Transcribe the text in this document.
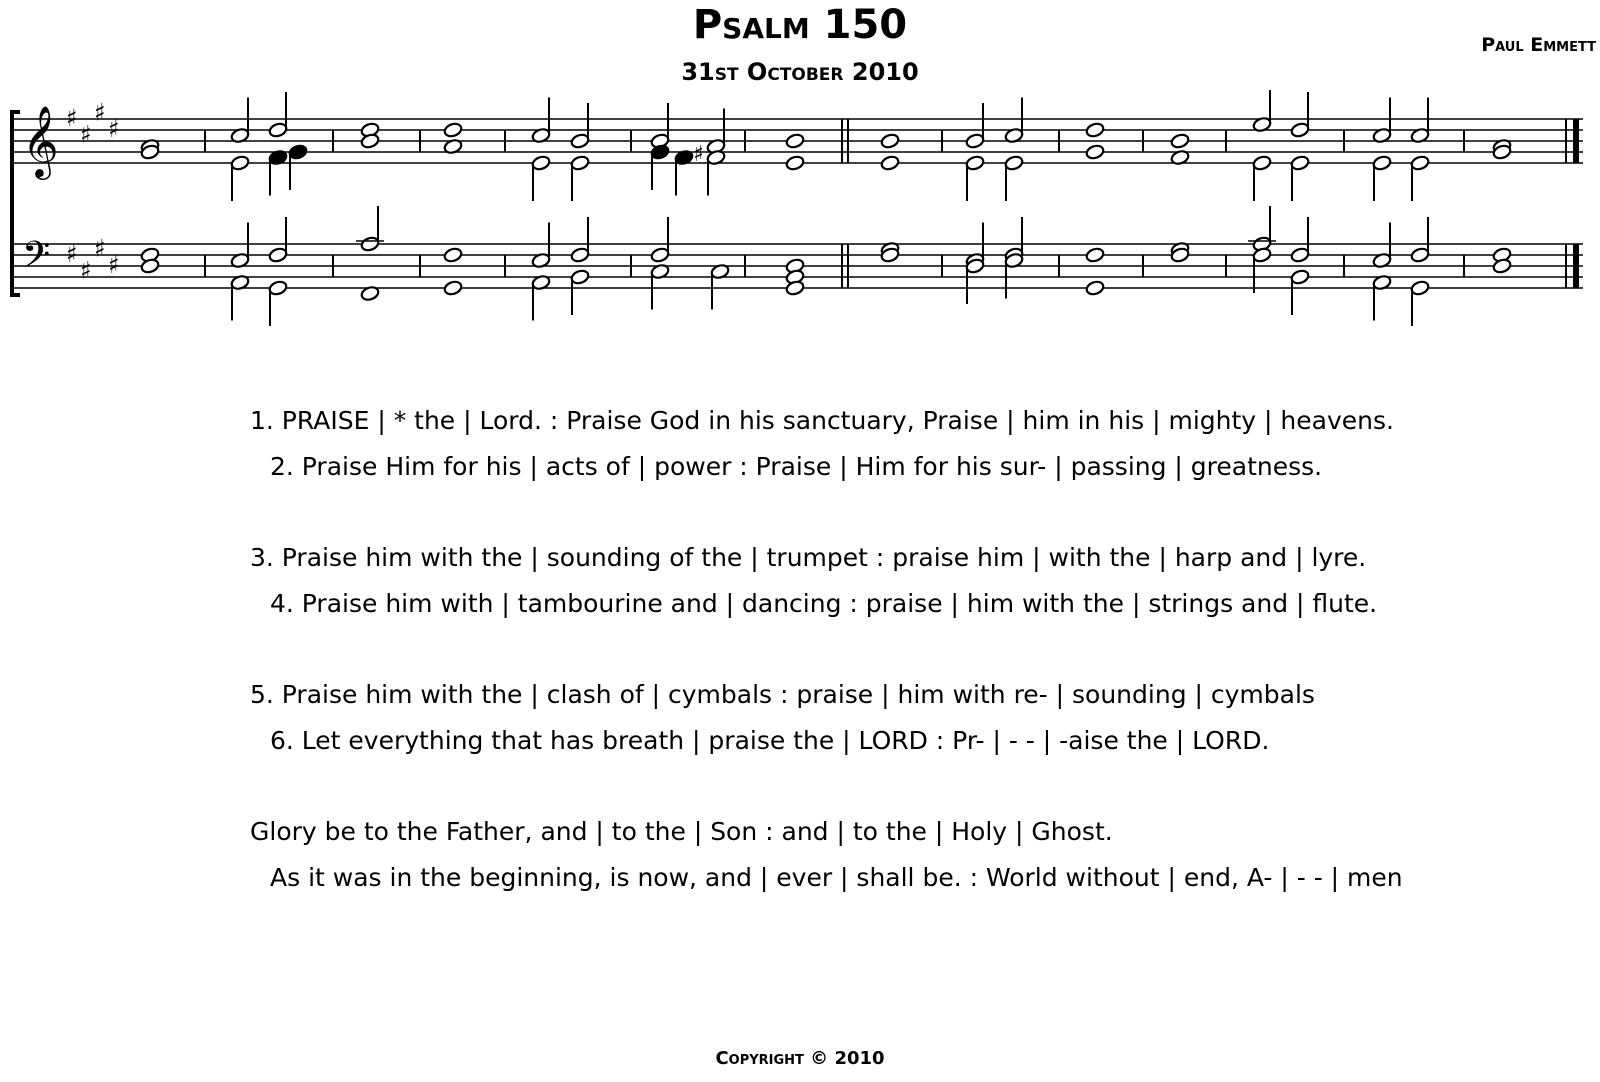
Psalm 150
31st October 2010
Paul Emmett
𝄞
𝄢
♯
♯
♯
♯
♯
♯
♯
♯
♯
1. PRAISE | * the | Lord. : Praise God in his sanctuary, Praise | him in his | mighty | heavens.
2. Praise Him for his | acts of | power : Praise | Him for his sur- | passing | greatness.
3. Praise him with the | sounding of the | trumpet : praise him | with the | harp and | lyre.
4. Praise him with | tambourine and | dancing : praise | him with the | strings and | flute.
5. Praise him with the | clash of | cymbals : praise | him with re- | sounding | cymbals
6. Let everything that has breath | praise the | LORD : Pr- | - - | -aise the | LORD.
Glory be to the Father, and | to the | Son : and | to the | Holy | Ghost.
As it was in the beginning, is now, and | ever | shall be. : World without | end, A- | - - | men
Copyright © 2010
